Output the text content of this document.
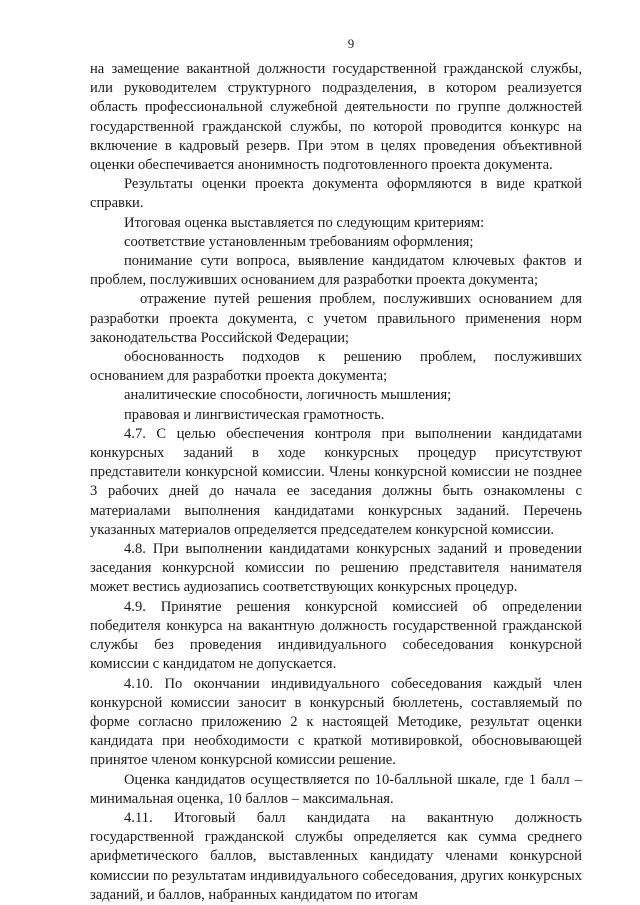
9

на замещение вакантной должности государственной гражданской службы, или руководителем структурного подразделения, в котором реализуется область профессиональной служебной деятельности по группе должностей государственной гражданской службы, по которой проводится конкурс на включение в кадровый резерв. При этом в целях проведения объективной оценки обеспечивается анонимность подготовленного проекта документа.

Результаты оценки проекта документа оформляются в виде краткой справки.

Итоговая оценка выставляется по следующим критериям:

соответствие установленным требованиям оформления;

понимание сути вопроса, выявление кандидатом ключевых фактов и проблем, послуживших основанием для разработки проекта документа;

отражение путей решения проблем, послуживших основанием для разработки проекта документа, с учетом правильного применения норм законодательства Российской Федерации;

обоснованность подходов к решению проблем, послуживших основанием для разработки проекта документа;

аналитические способности, логичность мышления;

правовая и лингвистическая грамотность.

4.7. С целью обеспечения контроля при выполнении кандидатами конкурсных заданий в ходе конкурсных процедур присутствуют представители конкурсной комиссии. Члены конкурсной комиссии не позднее 3 рабочих дней до начала ее заседания должны быть ознакомлены с материалами выполнения кандидатами конкурсных заданий. Перечень указанных материалов определяется председателем конкурсной комиссии.

4.8. При выполнении кандидатами конкурсных заданий и проведении заседания конкурсной комиссии по решению представителя нанимателя может вестись аудиозапись соответствующих конкурсных процедур.

4.9. Принятие решения конкурсной комиссией об определении победителя конкурса на вакантную должность государственной гражданской службы без проведения индивидуального собеседования конкурсной комиссии с кандидатом не допускается.

4.10. По окончании индивидуального собеседования каждый член конкурсной комиссии заносит в конкурсный бюллетень, составляемый по форме согласно приложению 2 к настоящей Методике, результат оценки кандидата при необходимости с краткой мотивировкой, обосновывающей принятое членом конкурсной комиссии решение.

Оценка кандидатов осуществляется по 10-балльной шкале, где 1 балл – минимальная оценка, 10 баллов – максимальная.

4.11. Итоговый балл кандидата на вакантную должность государственной гражданской службы определяется как сумма среднего арифметического баллов, выставленных кандидату членами конкурсной комиссии по результатам индивидуального собеседования, других конкурсных заданий, и баллов, набранных кандидатом по итогам
